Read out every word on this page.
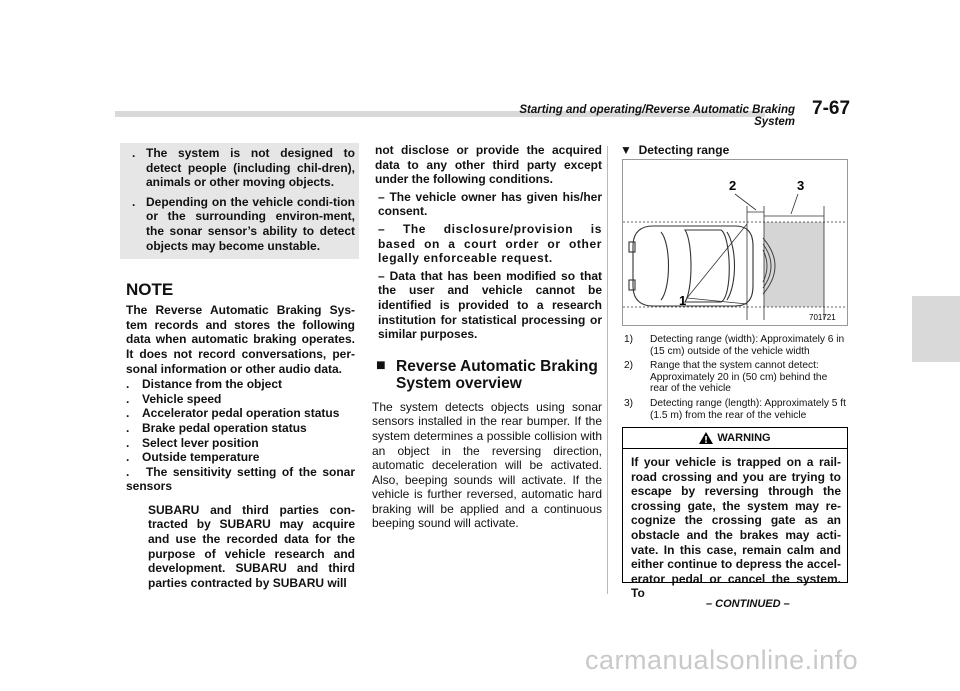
Starting and operating/Reverse Automatic Braking System
7-67
. The system is not designed to detect people (including chil-dren), animals or other moving objects.
. Depending on the vehicle condi-tion or the surrounding environ-ment, the sonar sensor’s ability to detect objects may become unstable.
NOTE
The Reverse Automatic Braking Sys-tem records and stores the following data when automatic braking operates. It does not record conversations, per-sonal information or other audio data.
. Distance from the object
. Vehicle speed
. Accelerator pedal operation status
. Brake pedal operation status
. Select lever position
. Outside temperature
.   The sensitivity setting of the sonar sensors
SUBARU and third parties con-tracted by SUBARU may acquire and use the recorded data for the purpose of vehicle research and development. SUBARU and third parties contracted by SUBARU will
not disclose or provide the acquired data to any other third party except under the following conditions.
– The vehicle owner has given his/her consent.
– The disclosure/provision is based on a court order or other legally enforceable request.
– Data that has been modified so that the user and vehicle cannot be identified is provided to a research institution for statistical processing or similar purposes.
■ Reverse Automatic Braking System overview
The system detects objects using sonar sensors installed in the rear bumper. If the system determines a possible collision with an object in the reversing direction, automatic deceleration will be activated. Also, beeping sounds will activate. If the vehicle is further reversed, automatic hard braking will be applied and a continuous beeping sound will activate.
▼ Detecting range
2	3
1
701721
1) Detecting range (width): Approximately 6 in (15 cm) outside of the vehicle width
2) Range that the system cannot detect: Approximately 20 in (50 cm) behind the rear of the vehicle
3) Detecting range (length): Approximately 5 ft (1.5 m) from the rear of the vehicle
WARNING
If your vehicle is trapped on a rail-road crossing and you are trying to escape by reversing through the crossing gate, the system may re-cognize the crossing gate as an obstacle and the brakes may acti-vate. In this case, remain calm and either continue to depress the accel-erator pedal or cancel the system. To
– CONTINUED –
carmanualsonline.info
